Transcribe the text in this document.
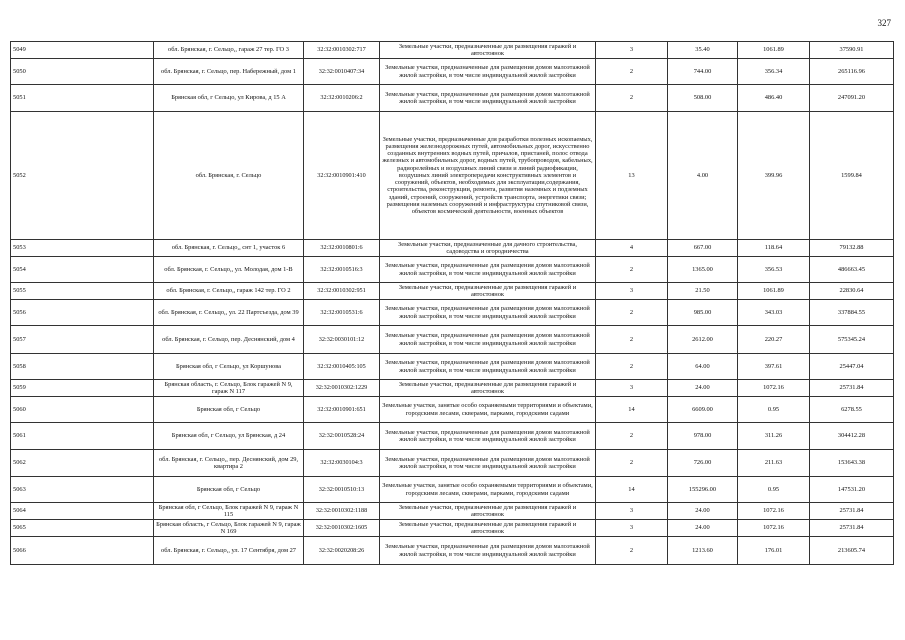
327
5049	обл. Брянская, г. Сельцо,, гараж 27 тер. ГО 3	32:32:0010302:717	Земельные участки, предназначенные для размещения гаражей и автостоянок	3	35.40	1061.89	37590.91
5050	обл. Брянская, г. Сельцо, пер. Набережный, дом 1	32:32:0010407:34	Земельные участки, предназначенные для размещения домов малоэтажной жилой застройки, в том числе индивидуальной жилой застройки	2	744.00	356.34	265116.96
5051	Брянская обл, г Сельцо, ул Кирова, д 15 А	32:32:0010206:2	Земельные участки, предназначенные для размещения домов малоэтажной жилой застройки, в том числе индивидуальной жилой застройки	2	508.00	486.40	247091.20
5052	обл. Брянская, г. Сельцо	32:32:0010901:410	Земельные участки, предназначенные для разработки полезных ископаемых, размещения железнодорожных путей, автомобильных дорог, искусственно созданных внутренних водных путей, причалов, пристаней, полос отвода железных и автомобильных дорог, водных путей, трубопроводов, кабельных, радиорелейных и воздушных линий связи и линий радиофикации, воздушных линий электропередачи конструктивных элементов и сооружений, объектов, необходимых для эксплуатации,содержания, строительства, реконструкции, ремонта, развития наземных и подземных зданий, строений, сооружений, устройств транспорта, энергетики связи; размещения наземных сооружений и инфраструктуры спутниковой связи, объектов космической деятельности, военных объектов	13	4.00	399.96	1599.84
5053	обл. Брянская, г. Сельцо,, снт 1, участок 6	32:32:0010801:6	Земельные участки, предназначенные для дачного строительства, садоводства и огородничества	4	667.00	118.64	79132.88
5054	обл. Брянская, г. Сельцо,, ул. Молодая, дом 1-В	32:32:0010516:3	Земельные участки, предназначенные для размещения домов малоэтажной жилой застройки, в том числе индивидуальной жилой застройки	2	1365.00	356.53	486663.45
5055	обл. Брянская, г. Сельцо,, гараж 142 тер. ГО 2	32:32:0010302:951	Земельные участки, предназначенные для размещения гаражей и автостоянок	3	21.50	1061.89	22830.64
5056	обл. Брянская, г. Сельцо,, ул. 22 Партсъезда, дом 39	32:32:0010531:6	Земельные участки, предназначенные для размещения домов малоэтажной жилой застройки, в том числе индивидуальной жилой застройки	2	985.00	343.03	337884.55
5057	обл. Брянская, г. Сельцо, пер. Деснянский, дом 4	32:32:0030101:12	Земельные участки, предназначенные для размещения домов малоэтажной жилой застройки, в том числе индивидуальной жилой застройки	2	2612.00	220.27	575345.24
5058	Брянская обл, г Сельцо, ул Коршунова	32:32:0010405:105	Земельные участки, предназначенные для размещения домов малоэтажной жилой застройки, в том числе индивидуальной жилой застройки	2	64.00	397.61	25447.04
5059	Брянская область, г. Сельцо, Блок гаражей N 9, гараж N 117	32:32:0010302:1229	Земельные участки, предназначенные для размещения гаражей и автостоянок	3	24.00	1072.16	25731.84
5060	Брянская обл, г Сельцо	32:32:0010901:651	Земельные участки, занятые особо охраняемыми территориями и объектами, городскими лесами, скверами, парками, городскими садами	14	6609.00	0.95	6278.55
5061	Брянская обл, г Сельцо, ул Брянская, д 24	32:32:0010528:24	Земельные участки, предназначенные для размещения домов малоэтажной жилой застройки, в том числе индивидуальной жилой застройки	2	978.00	311.26	304412.28
5062	обл. Брянская, г. Сельцо,, пер. Деснянский, дом 29, квартира 2	32:32:0030104:3	Земельные участки, предназначенные для размещения домов малоэтажной жилой застройки, в том числе индивидуальной жилой застройки	2	726.00	211.63	153643.38
5063	Брянская обл, г Сельцо	32:32:0010510:13	Земельные участки, занятые особо охраняемыми территориями и объектами, городскими лесами, скверами, парками, городскими садами	14	155296.00	0.95	147531.20
5064	Брянская обл, г Сельцо, Блок гаражей N 9, гараж N 115	32:32:0010302:1188	Земельные участки, предназначенные для размещения гаражей и автостоянок	3	24.00	1072.16	25731.84
5065	Брянская область, г Сельцо, Блок гаражей N 9, гараж N 169	32:32:0010302:1605	Земельные участки, предназначенные для размещения гаражей и автостоянок	3	24.00	1072.16	25731.84
5066	обл. Брянская, г. Сельцо,, ул. 17 Сентября, дом 27	32:32:0020208:26	Земельные участки, предназначенные для размещения домов малоэтажной жилой застройки, в том числе индивидуальной жилой застройки	2	1213.60	176.01	213605.74
